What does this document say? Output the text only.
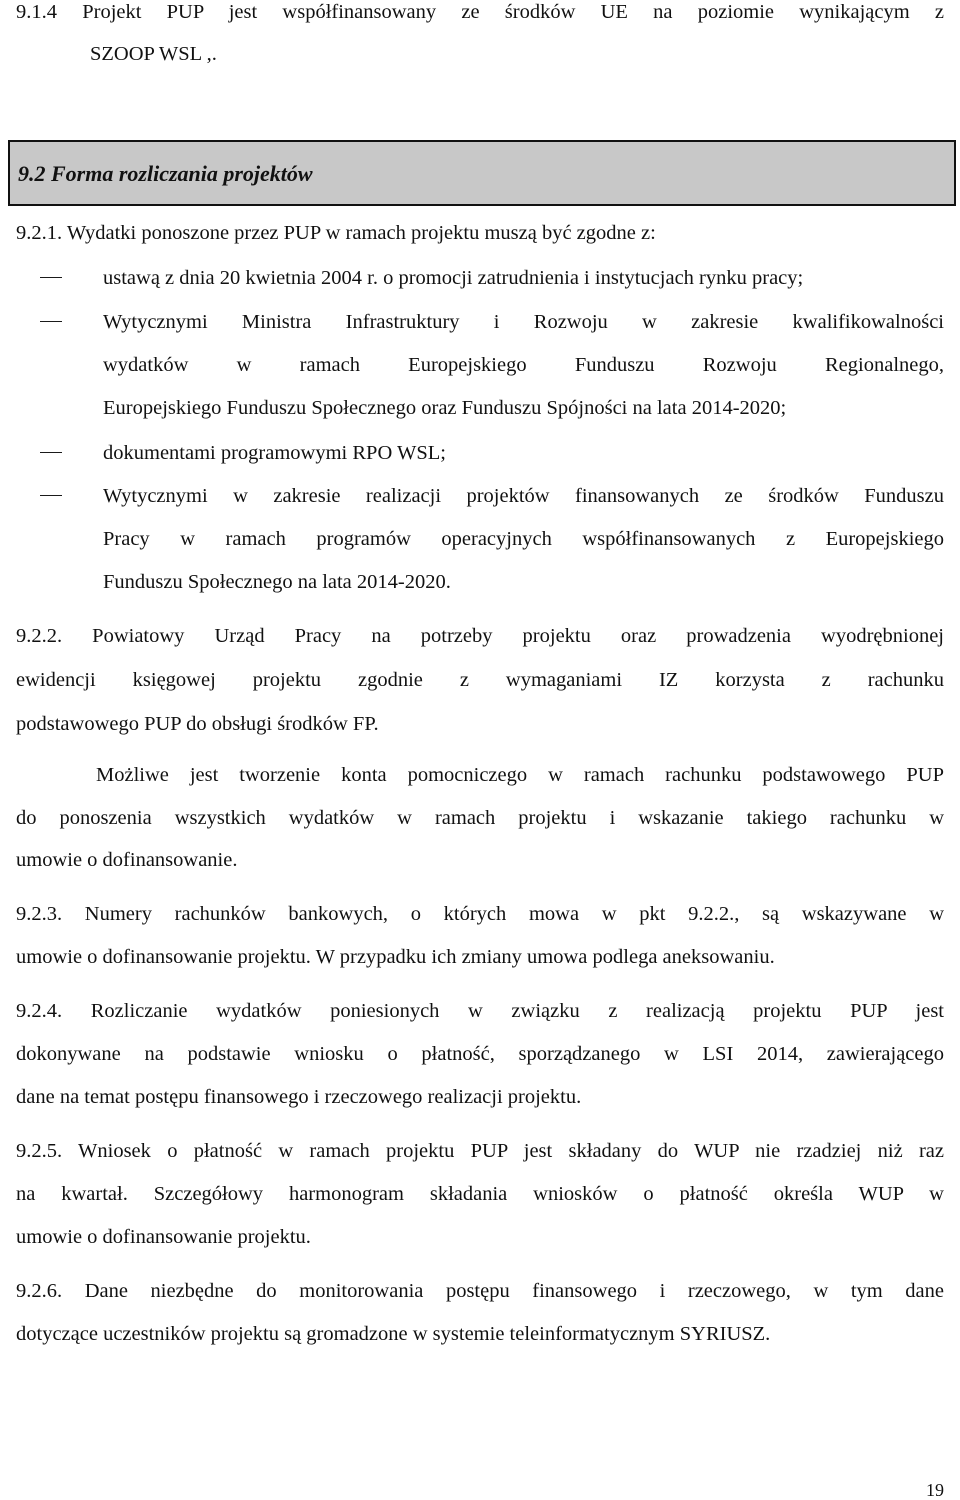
9.1.4 Projekt PUP jest współfinansowany ze środków UE na poziomie wynikającym z
SZOOP WSL ,.
9.2 Forma rozliczania projektów
9.2.1. Wydatki ponoszone przez PUP w ramach projektu muszą być zgodne z:
ustawą z dnia 20 kwietnia 2004 r. o promocji zatrudnienia i instytucjach rynku pracy;
Wytycznymi Ministra Infrastruktury i Rozwoju w zakresie kwalifikowalności
wydatków w ramach Europejskiego Funduszu Rozwoju Regionalnego,
Europejskiego Funduszu Społecznego oraz Funduszu Spójności na lata 2014-2020;
dokumentami programowymi RPO WSL;
Wytycznymi w zakresie realizacji projektów finansowanych ze środków Funduszu
Pracy w ramach programów operacyjnych współfinansowanych z Europejskiego
Funduszu Społecznego na lata 2014-2020.
9.2.2. Powiatowy Urząd Pracy na potrzeby projektu oraz prowadzenia wyodrębnionej
ewidencji księgowej projektu zgodnie z wymaganiami IZ korzysta z rachunku
podstawowego PUP do obsługi środków FP.
Możliwe jest tworzenie konta pomocniczego w ramach rachunku podstawowego PUP
do ponoszenia wszystkich wydatków w ramach projektu i wskazanie takiego rachunku w
umowie o dofinansowanie.
9.2.3. Numery rachunków bankowych, o których mowa w pkt 9.2.2., są wskazywane w
umowie o dofinansowanie projektu. W przypadku ich zmiany umowa podlega aneksowaniu.
9.2.4. Rozliczanie wydatków poniesionych w związku z realizacją projektu PUP jest
dokonywane na podstawie wniosku o płatność, sporządzanego w LSI 2014, zawierającego
dane na temat postępu finansowego i rzeczowego realizacji projektu.
9.2.5. Wniosek o płatność w ramach projektu PUP jest składany do WUP nie rzadziej niż raz
na kwartał. Szczegółowy harmonogram składania wniosków o płatność określa WUP w
umowie o dofinansowanie projektu.
9.2.6. Dane niezbędne do monitorowania postępu finansowego i rzeczowego, w tym dane
dotyczące uczestników projektu są gromadzone w systemie teleinformatycznym SYRIUSZ.
19
